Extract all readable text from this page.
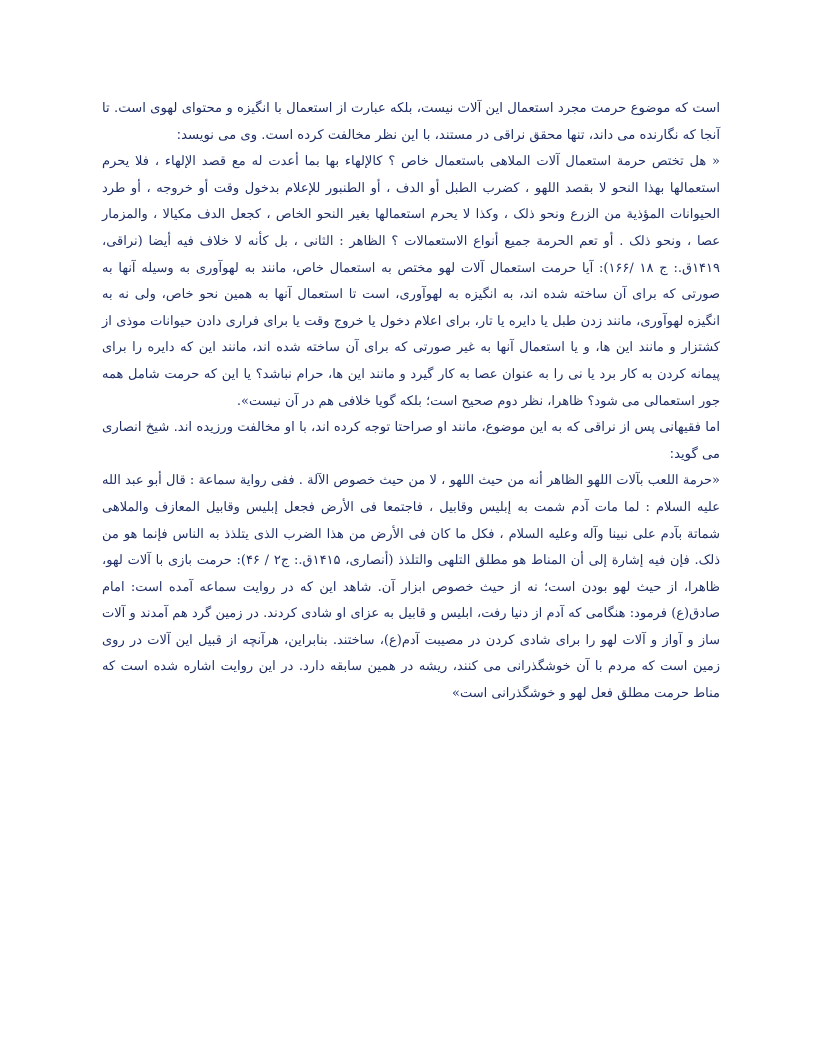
است که موضوع حرمت مجرد استعمال این آلات نیست، بلکه عبارت از استعمال با انگیزه و محتوای لهوی است. تا آنجا که نگارنده می داند، تنها محقق نراقی در مستند، با این نظر مخالفت کرده است. وی می نویسد:

« هل تختص حرمة استعمال آلات الملاهی باستعمال خاص ؟ کالإلهاء بها بما أعدت له مع قصد الإلهاء ، فلا یحرم استعمالها بهذا النحو لا بقصد اللهو ، کضرب الطبل أو الدف ، أو الطنبور للإعلام بدخول وقت أو خروجه ، أو طرد الحیوانات المؤذیة من الزرع ونحو ذلک ، وکذا لا یحرم استعمالها بغیر النحو الخاص ، کجعل الدف مکیالا ، والمزمار عصا ، ونحو ذلک . أو تعم الحرمة جمیع أنواع الاستعمالات ؟ الظاهر : الثانی ، بل کأنه لا خلاف فیه أیضا (نراقی، ۱۴۱۹ق.: ج ۱۸ /۱۶۶): آیا حرمت استعمال آلات لهو مختص به استعمال خاص، مانند به لهوآوری به وسیله آنها به صورتی که برای آن ساخته شده اند، به انگیزه به لهوآوری، است تا استعمال آنها به همین نحو خاص، ولی نه به انگیزه لهوآوری، مانند زدن طبل یا دایره یا تار، برای اعلام دخول یا خروج وقت یا برای فراری دادن حیوانات موذی از کشتزار و مانند این ها، و یا استعمال آنها به غیر صورتی که برای آن ساخته شده اند، مانند این که دایره را برای پیمانه کردن به کار برد یا نی را به عنوان عصا به کار گیرد و مانند این ها، حرام نباشد؟ یا این که حرمت شامل همه جور استعمالی می شود؟ ظاهرا، نظر دوم صحیح است؛ بلکه گویا خلافی هم در آن نیست».

اما فقیهانی پس از نراقی که به این موضوع، مانند او صراحتا توجه کرده اند، با او مخالفت ورزیده اند. شیخ انصاری می گوید:

«حرمة اللعب بآلات اللهو الظاهر أنه من حیث اللهو ، لا من حیث خصوص الآلة . ففی روایة سماعة : قال أبو عبد الله علیه السلام : لما مات آدم شمت به إبلیس وقابیل ، فاجتمعا فی الأرض فجعل إبلیس وقابیل المعازف والملاهی شماتة بآدم علی نبینا وآله وعلیه السلام ، فکل ما کان فی الأرض من هذا الضرب الذی یتلذذ به الناس فإنما هو من ذلک. فإن فیه إشارة إلی أن المناط هو مطلق التلهی والتلذذ (أنصاری، ۱۴۱۵ق.: ج۲ / ۴۶): حرمت بازی با آلات لهو، ظاهرا، از حیث لهو بودن است؛ نه از حیث خصوص ابزار آن. شاهد این که در روایت سماعه آمده است: امام صادق(ع) فرمود: هنگامی که آدم از دنیا رفت، ابلیس و قابیل به عزای او شادی کردند. در زمین گرد هم آمدند و آلات ساز و آواز و آلات لهو را برای شادی کردن در مصیبت آدم(ع)، ساختند. بنابراین، هرآنچه از قبیل این آلات در روی زمین است که مردم با آن خوشگذرانی می کنند، ریشه در همین سابقه دارد. در این روایت اشاره شده است که مناط حرمت مطلق فعل لهو و خوشگذرانی است»
